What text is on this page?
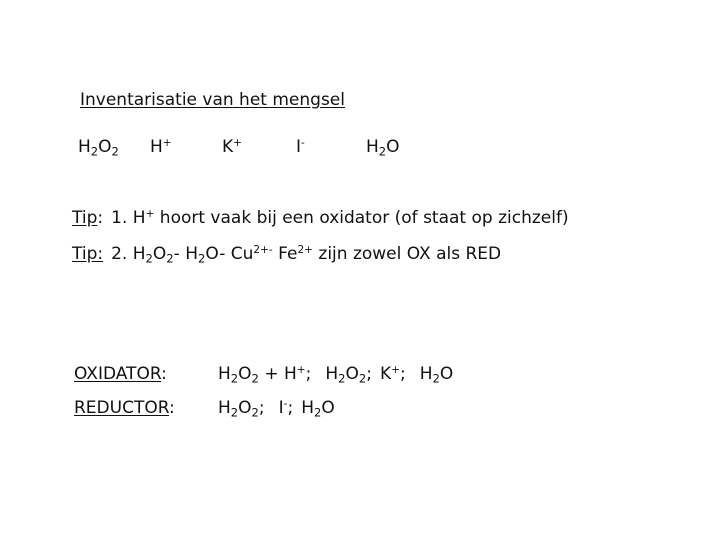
Inventarisatie van het mengsel
$H_2O_2$ H+	K+	I-	$H_2O$
Tip: 1. H+ hoort vaak bij een oxidator (of staat op zichzelf)
Tip: 2. $H_2O_2-$ $H_2O-$ $Cu^{2+-}$ $Fe^{2+}$ zijn zowel OX als RED
OXIDATOR:	$H_2O_2 + H^+$; $H_2O_2$; K+; $H_2O$
REDUCTOR:	$H_2O_2$; I-; $H_2O$
